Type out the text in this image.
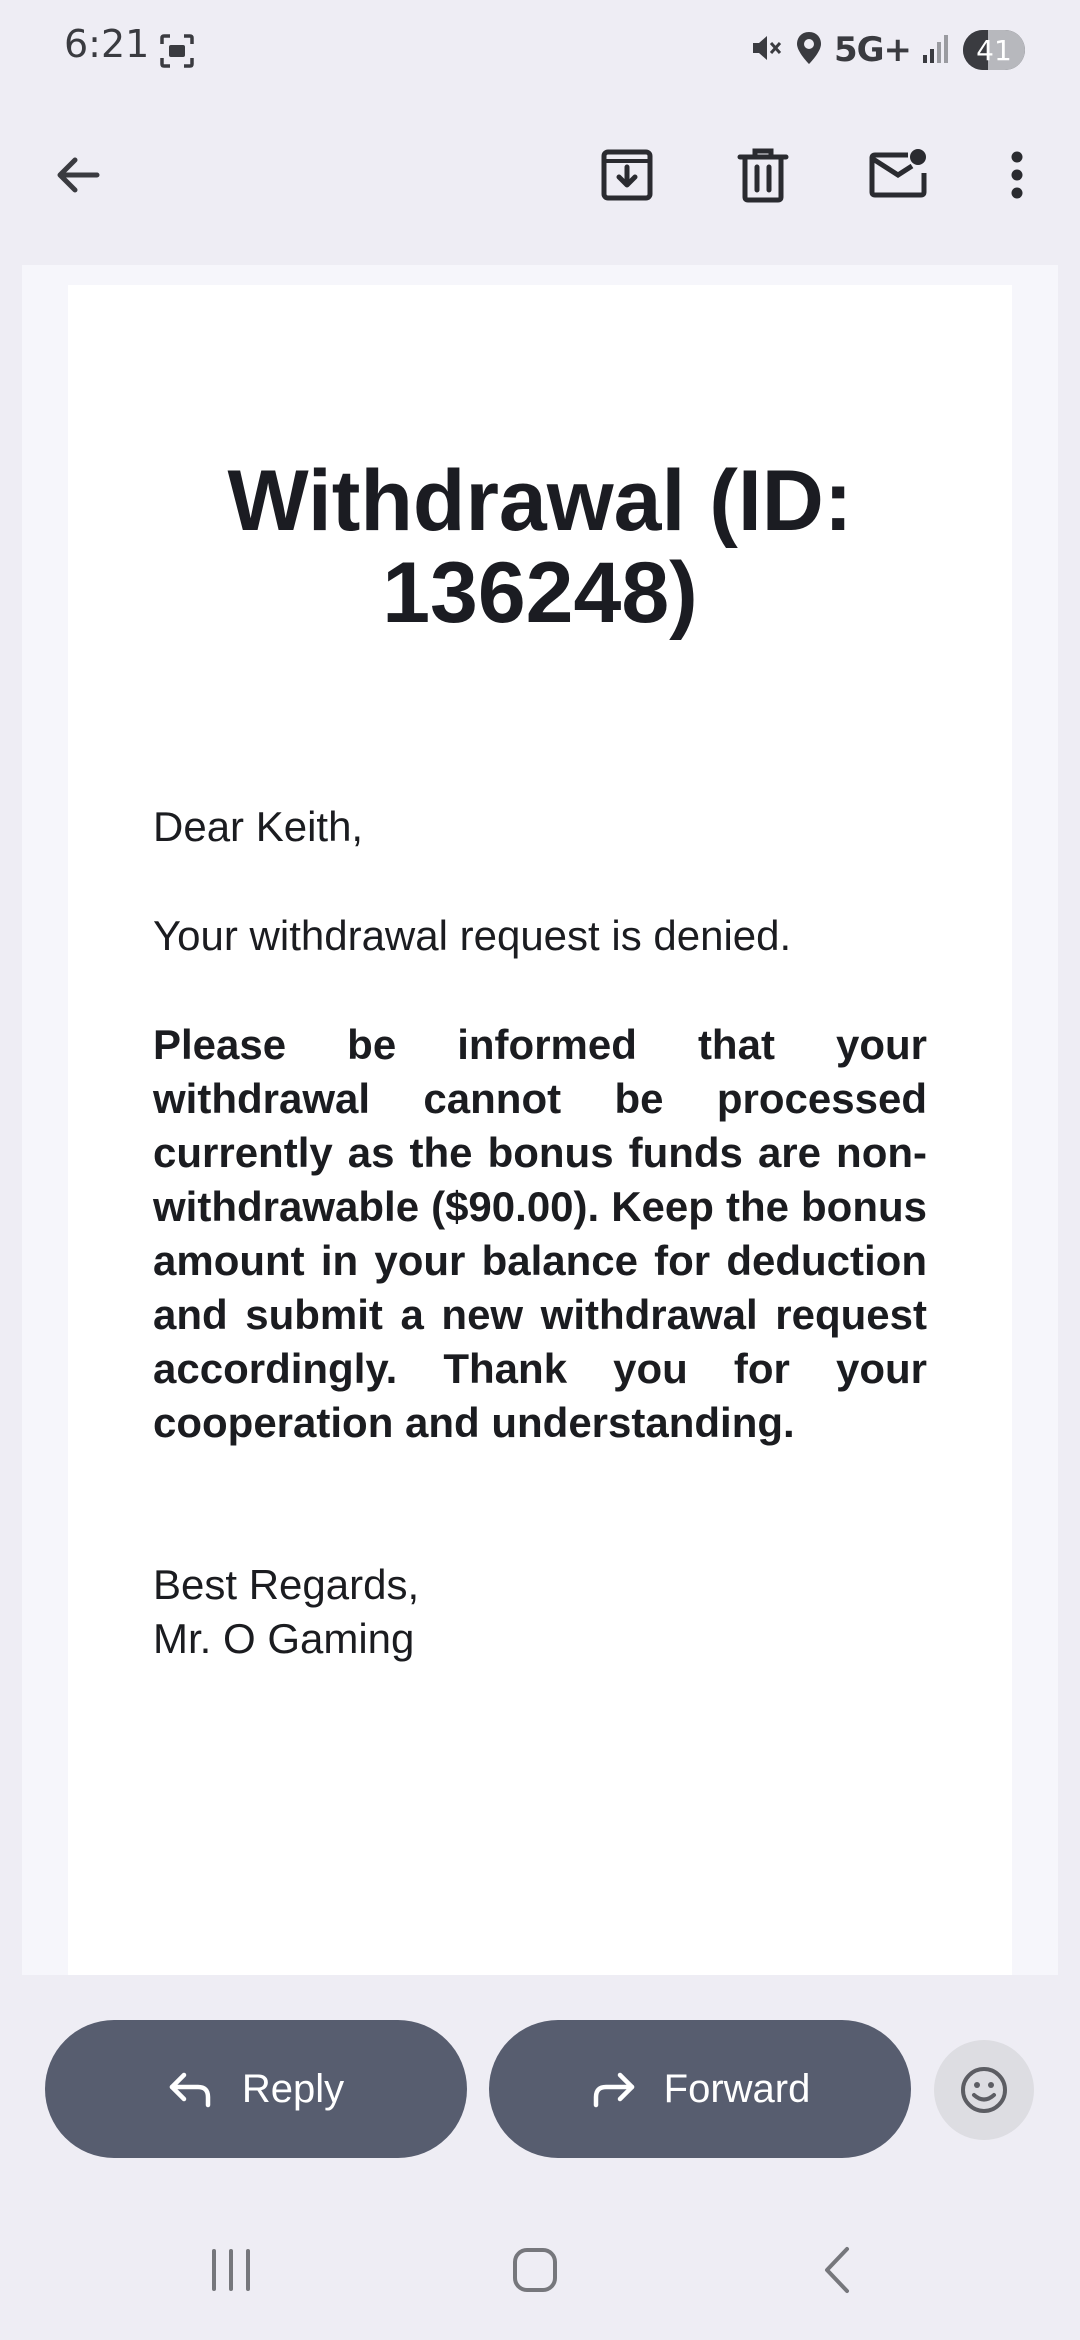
6:21	5G+ 41
Withdrawal (ID: 136248)

Dear Keith,

Your withdrawal request is denied.

Please be informed that your withdrawal cannot be processed currently as the bonus funds are non-withdrawable ($90.00). Keep the bonus amount in your balance for deduction and submit a new withdrawal request accordingly. Thank you for your cooperation and understanding.

Best Regards,

Mr. O Gaming

Reply	Forward
